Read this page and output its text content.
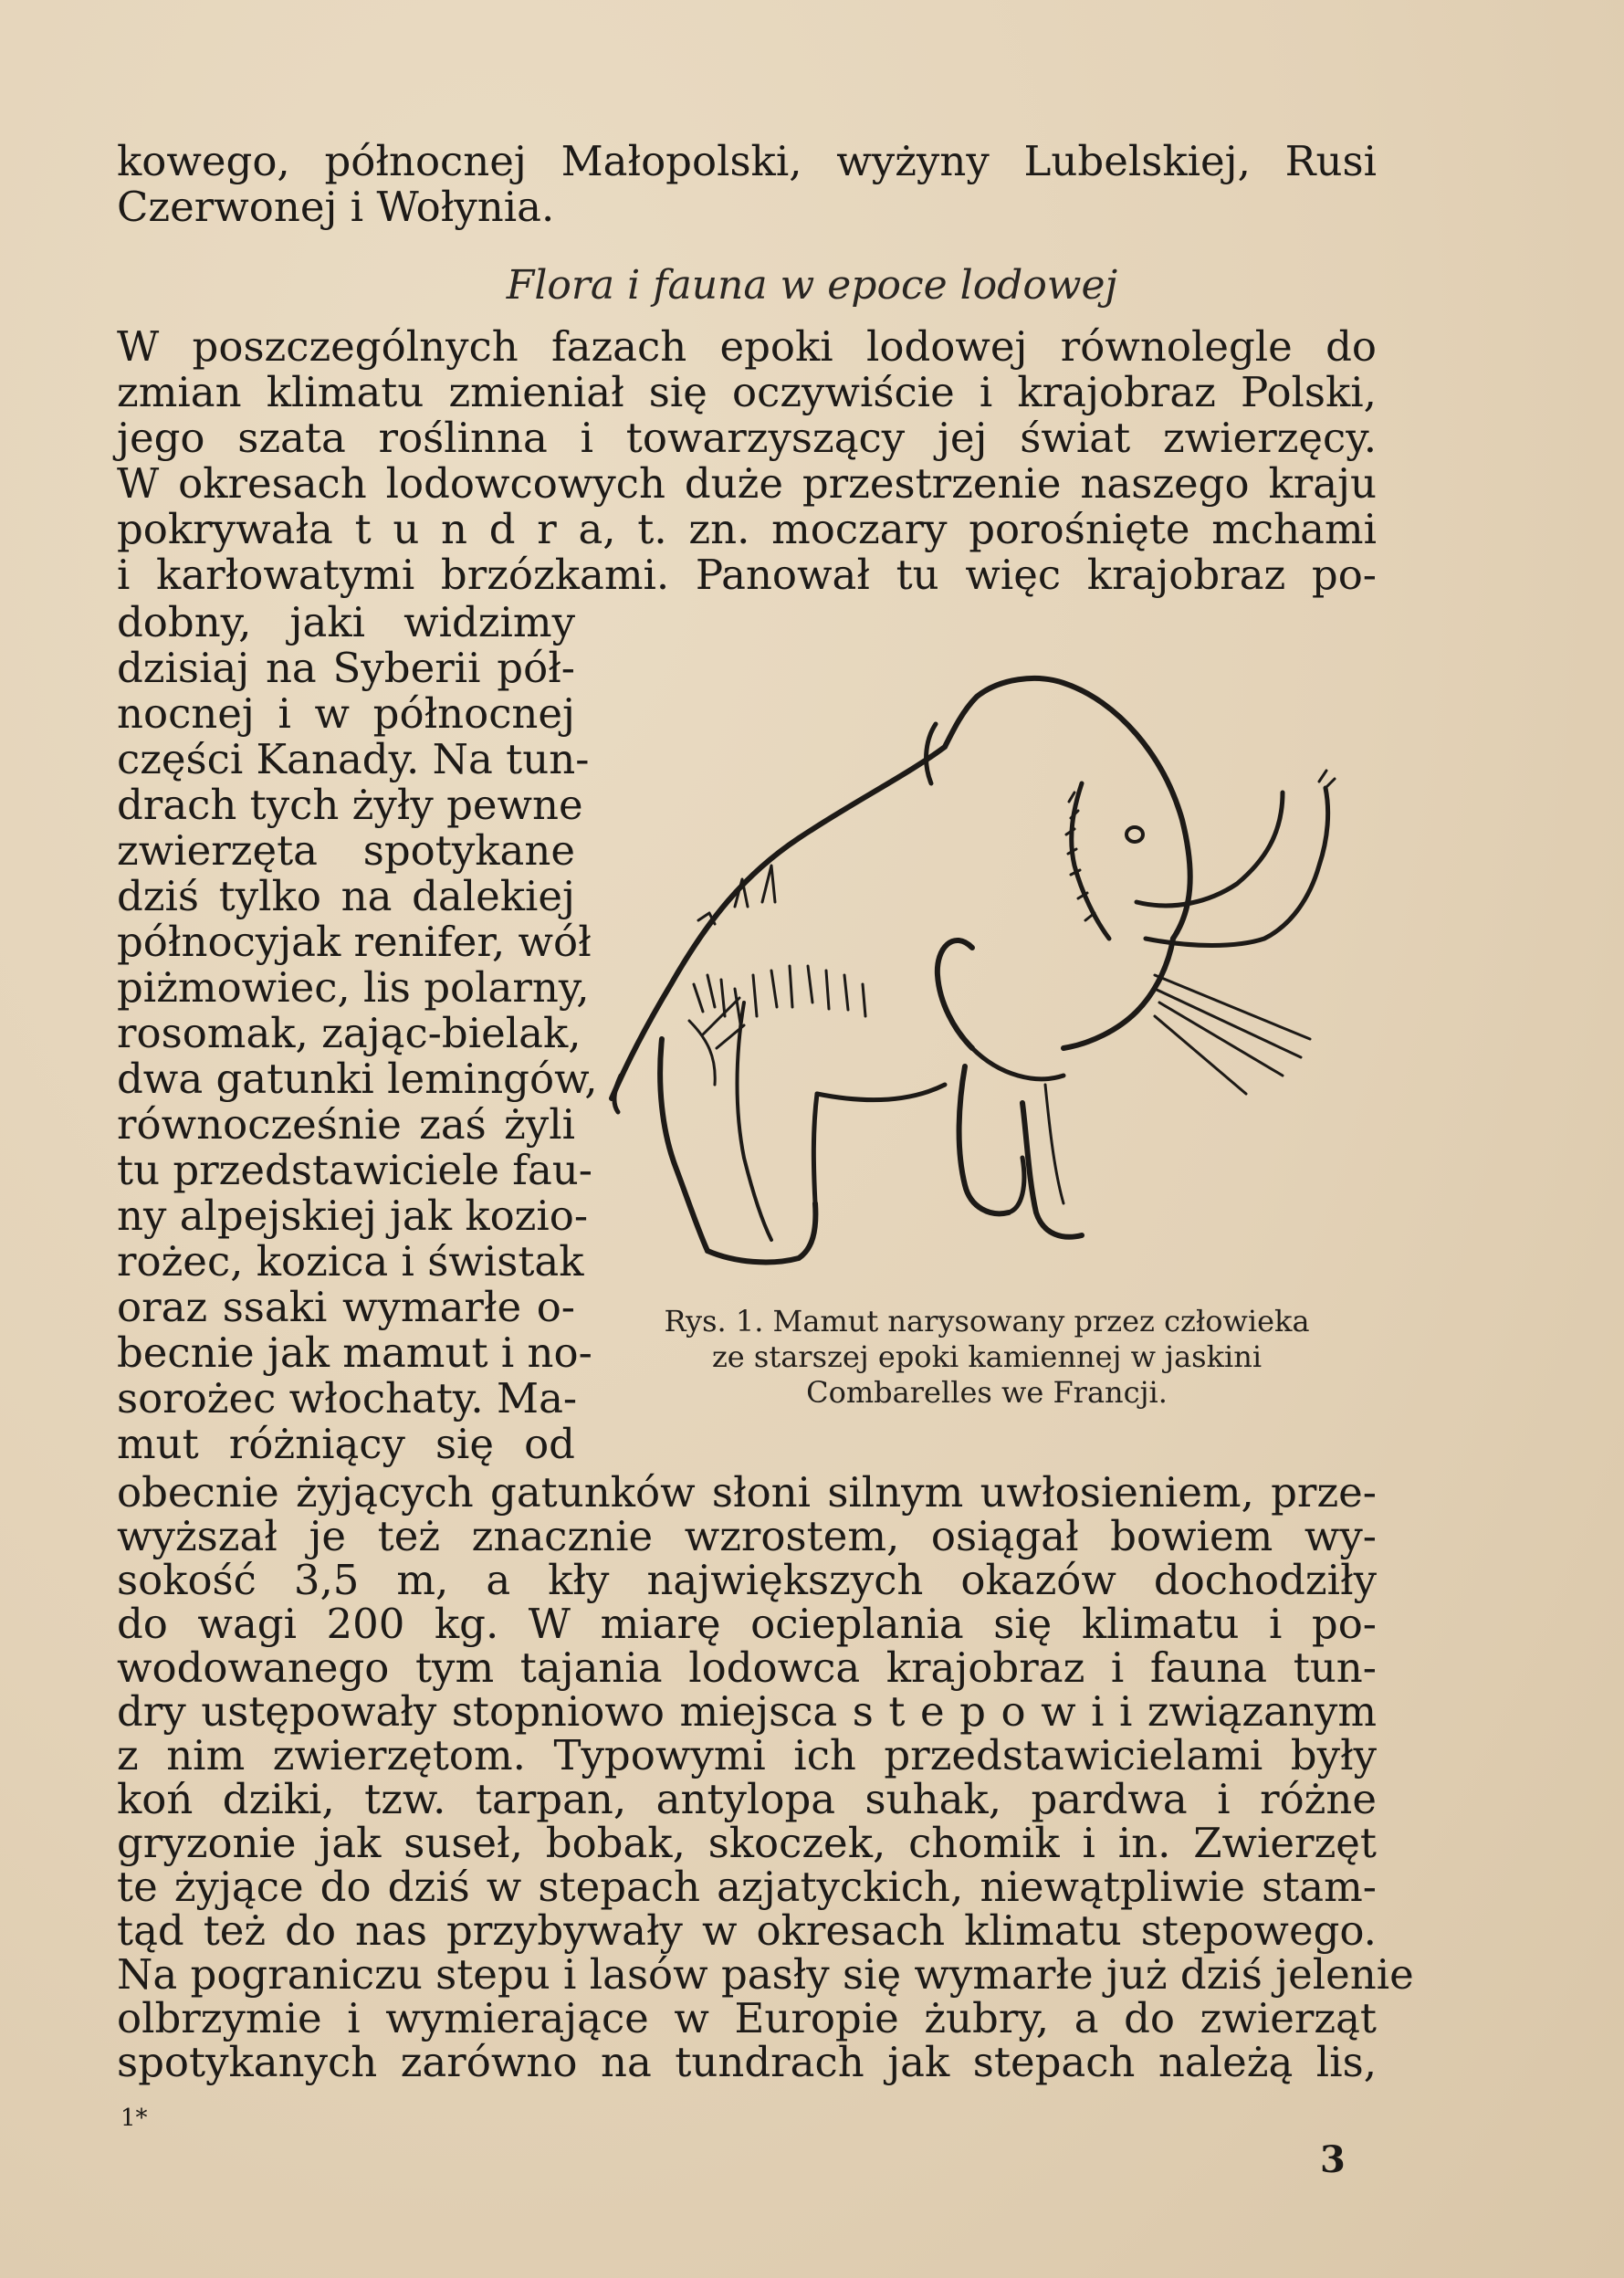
kowego, północnej Małopolski, wyżyny Lubelskiej, Rusi
Czerwonej i Wołynia.
Flora i fauna w epoce lodowej
W poszczególnych fazach epoki lodowej równolegle do
zmian klimatu zmieniał się oczywiście i krajobraz Polski,
jego szata roślinna i towarzyszący jej świat zwierzęcy.
W okresach lodowcowych duże przestrzenie naszego kraju
pokrywała t u n d r a, t. zn. moczary porośnięte mchami
i karłowatymi brzózkami. Panował tu więc krajobraz po-
dobny, jaki widzimy
dzisiaj na Syberii pół-
nocnej i w północnej
części Kanady. Na tun-
drach tych żyły pewne
zwierzęta spotykane
dziś tylko na dalekiej
północyjak renifer, wół
piżmowiec, lis polarny,
rosomak, zając-bielak,
dwa gatunki lemingów,
równocześnie zaś żyli
tu przedstawiciele fau-
ny alpejskiej jak kozio-
rożec, kozica i świstak
oraz ssaki wymarłe o-
becnie jak mamut i no-
sorożec włochaty. Ma-
mut różniący się od
obecnie żyjących gatunków słoni silnym uwłosieniem, prze-
wyższał je też znacznie wzrostem, osiągał bowiem wy-
sokość 3,5 m, a kły największych okazów dochodziły
do wagi 200 kg. W miarę ocieplania się klimatu i po-
wodowanego tym tajania lodowca krajobraz i fauna tun-
dry ustępowały stopniowo miejsca s t e p o w i i związanym
z nim zwierzętom. Typowymi ich przedstawicielami były
koń dziki, tzw. tarpan, antylopa suhak, pardwa i różne
gryzonie jak suseł, bobak, skoczek, chomik i in. Zwierzęt
te żyjące do dziś w stepach azjatyckich, niewątpliwie stam-
tąd też do nas przybywały w okresach klimatu stepowego.
Na pograniczu stepu i lasów pasły się wymarłe już dziś jelenie
olbrzymie i wymierające w Europie żubry, a do zwierząt
spotykanych zarówno na tundrach jak stepach należą lis,
Rys. 1. Mamut narysowany przez człowieka
ze starszej epoki kamiennej w jaskini
Combarelles we Francji.
1*
3
